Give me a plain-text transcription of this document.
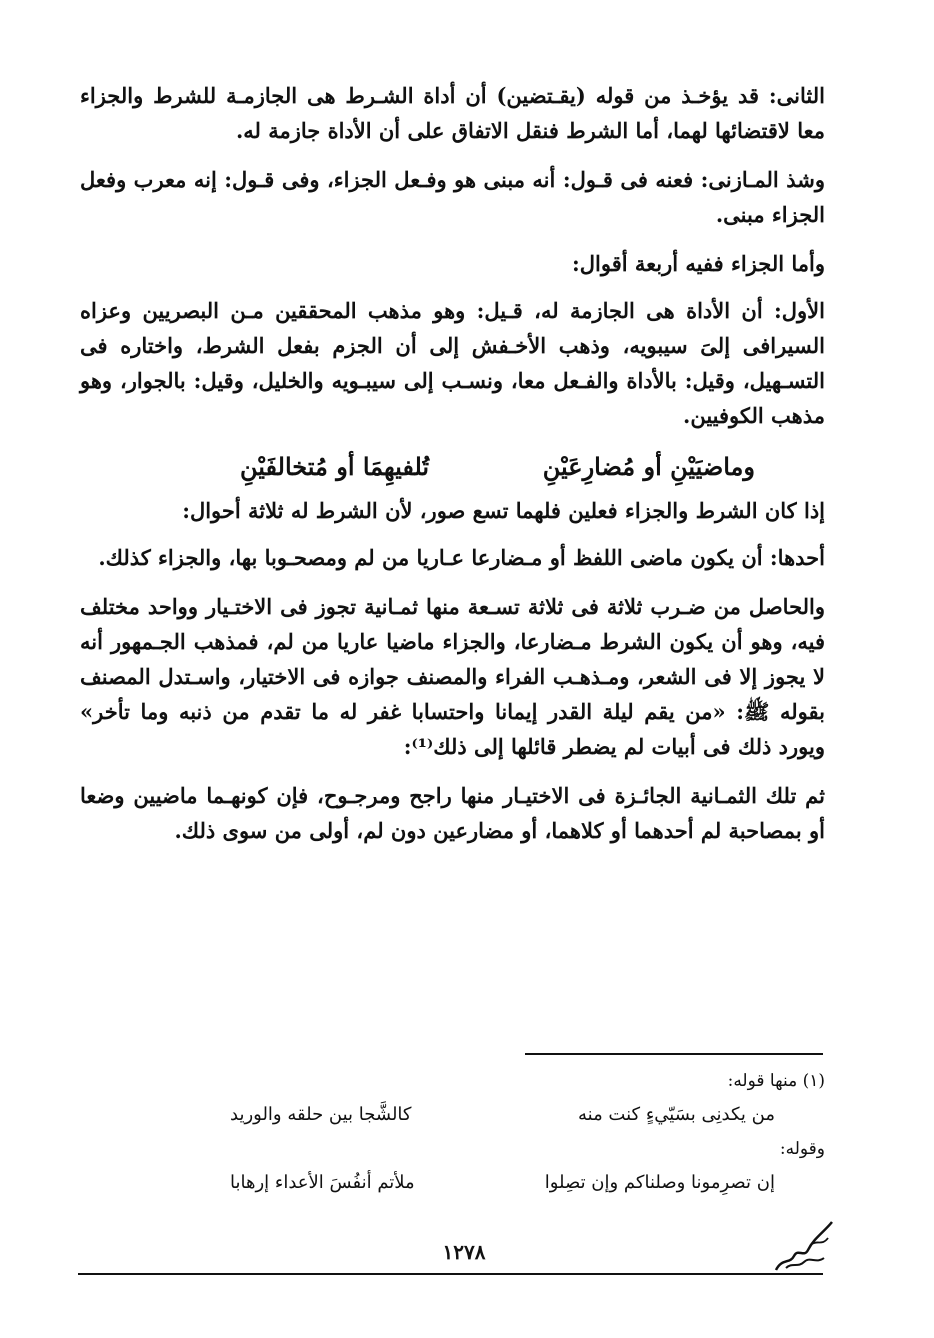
الثانى: قد يؤخـذ من قوله (يقـتضين) أن أداة الشـرط هى الجازمـة للشرط والجزاء معا لاقتضائها لهما، أما الشرط فنقل الاتفاق على أن الأداة جازمة له.

وشذ المـازنى: فعنه فى قـول: أنه مبنى هو وفـعل الجزاء، وفى قـول: إنه معرب وفعل الجزاء مبنى.

وأما الجزاء ففيه أربعة أقوال:

الأول: أن الأداة هى الجازمة له، قـيل: وهو مذهب المحققين مـن البصريين وعزاه السيرافى إلىَ سيبويه، وذهب الأخـفش إلى أن الجزم بفعل الشرط، واختاره فى التسـهيل، وقيل: بالأداة والفـعل معا، ونسـب إلى سيبـويه والخليل، وقيل: بالجوار، وهو مذهب الكوفيين.

وماضيَيْنِ أو مُضارِعَيْنِ
تُلفيهِمَا أو مُتخالفَيْنِ

إذا كان الشرط والجزاء فعلين فلهما تسع صور، لأن الشرط له ثلاثة أحوال:

أحدها: أن يكون ماضى اللفظ أو مـضارعا عـاريا من لم ومصحـوبا بها، والجزاء كذلك.

والحاصل من ضـرب ثلاثة فى ثلاثة تسـعة منها ثمـانية تجوز فى الاختـيار وواحد مختلف فيه، وهو أن يكون الشرط مـضارعا، والجزاء ماضيا عاريا من لم، فمذهب الجـمهور أنه لا يجوز إلا فى الشعر، ومـذهـب الفراء والمصنف جوازه فى الاختيار، واسـتدل المصنف بقوله ﷺ: «من يقم ليلة القدر إيمانا واحتسابا غفر له ما تقدم من ذنبه وما تأخر» ويورد ذلك فى أبيات لم يضطر قائلها إلى ذلك⁽¹⁾:

ثم تلك الثمـانية الجائـزة فى الاختيـار منها راجح ومرجـوح، فإن كونهـما ماضيين وضعا أو بمصاحبة لم أحدهما أو كلاهما، أو مضارعين دون لم، أولى من سوى ذلك.

(١) منها قوله:
من يكدنِى بسَيّيءٍ كنت منه
كالشَّجا بين حلقه والوريد
وقوله:
إن تصرِمونا وصلناكم وإن تصِلوا
ملأتم أنفُسَ الأعداء إرهابا
١٢٧٨
